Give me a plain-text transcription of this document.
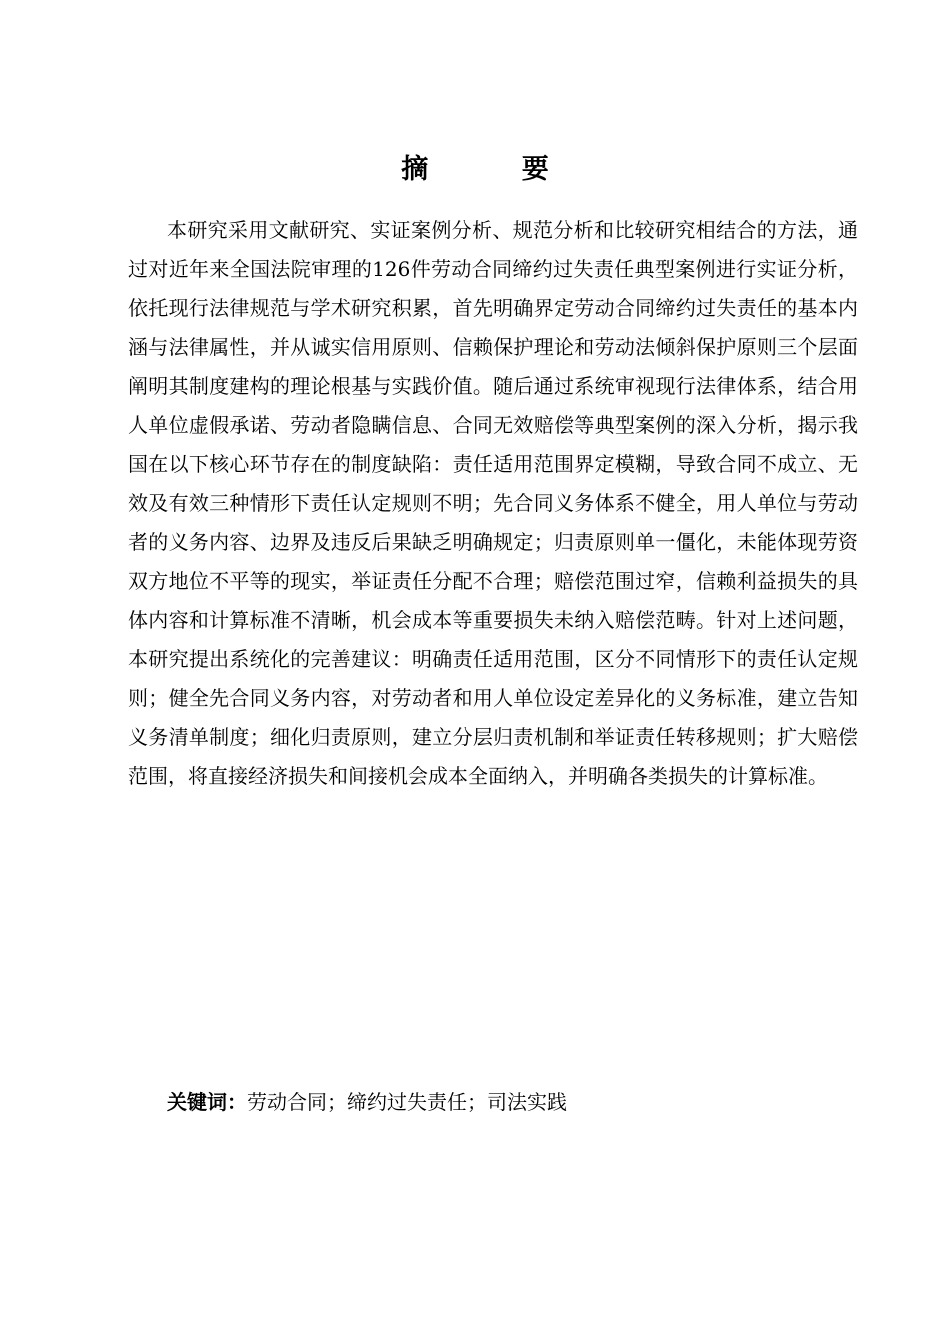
摘 要

本研究采用文献研究、实证案例分析、规范分析和比较研究相结合的方法，通过对近年来全国法院审理的126件劳动合同缔约过失责任典型案例进行实证分析，依托现行法律规范与学术研究积累，首先明确界定劳动合同缔约过失责任的基本内涵与法律属性，并从诚实信用原则、信赖保护理论和劳动法倾斜保护原则三个层面阐明其制度建构的理论根基与实践价值。随后通过系统审视现行法律体系，结合用人单位虚假承诺、劳动者隐瞒信息、合同无效赔偿等典型案例的深入分析，揭示我国在以下核心环节存在的制度缺陷：责任适用范围界定模糊，导致合同不成立、无效及有效三种情形下责任认定规则不明；先合同义务体系不健全，用人单位与劳动者的义务内容、边界及违反后果缺乏明确规定；归责原则单一僵化，未能体现劳资双方地位不平等的现实，举证责任分配不合理；赔偿范围过窄，信赖利益损失的具体内容和计算标准不清晰，机会成本等重要损失未纳入赔偿范畴。针对上述问题，本研究提出系统化的完善建议：明确责任适用范围，区分不同情形下的责任认定规则；健全先合同义务内容，对劳动者和用人单位设定差异化的义务标准，建立告知义务清单制度；细化归责原则，建立分层归责机制和举证责任转移规则；扩大赔偿范围，将直接经济损失和间接机会成本全面纳入，并明确各类损失的计算标准。

关键词：劳动合同；缔约过失责任；司法实践
